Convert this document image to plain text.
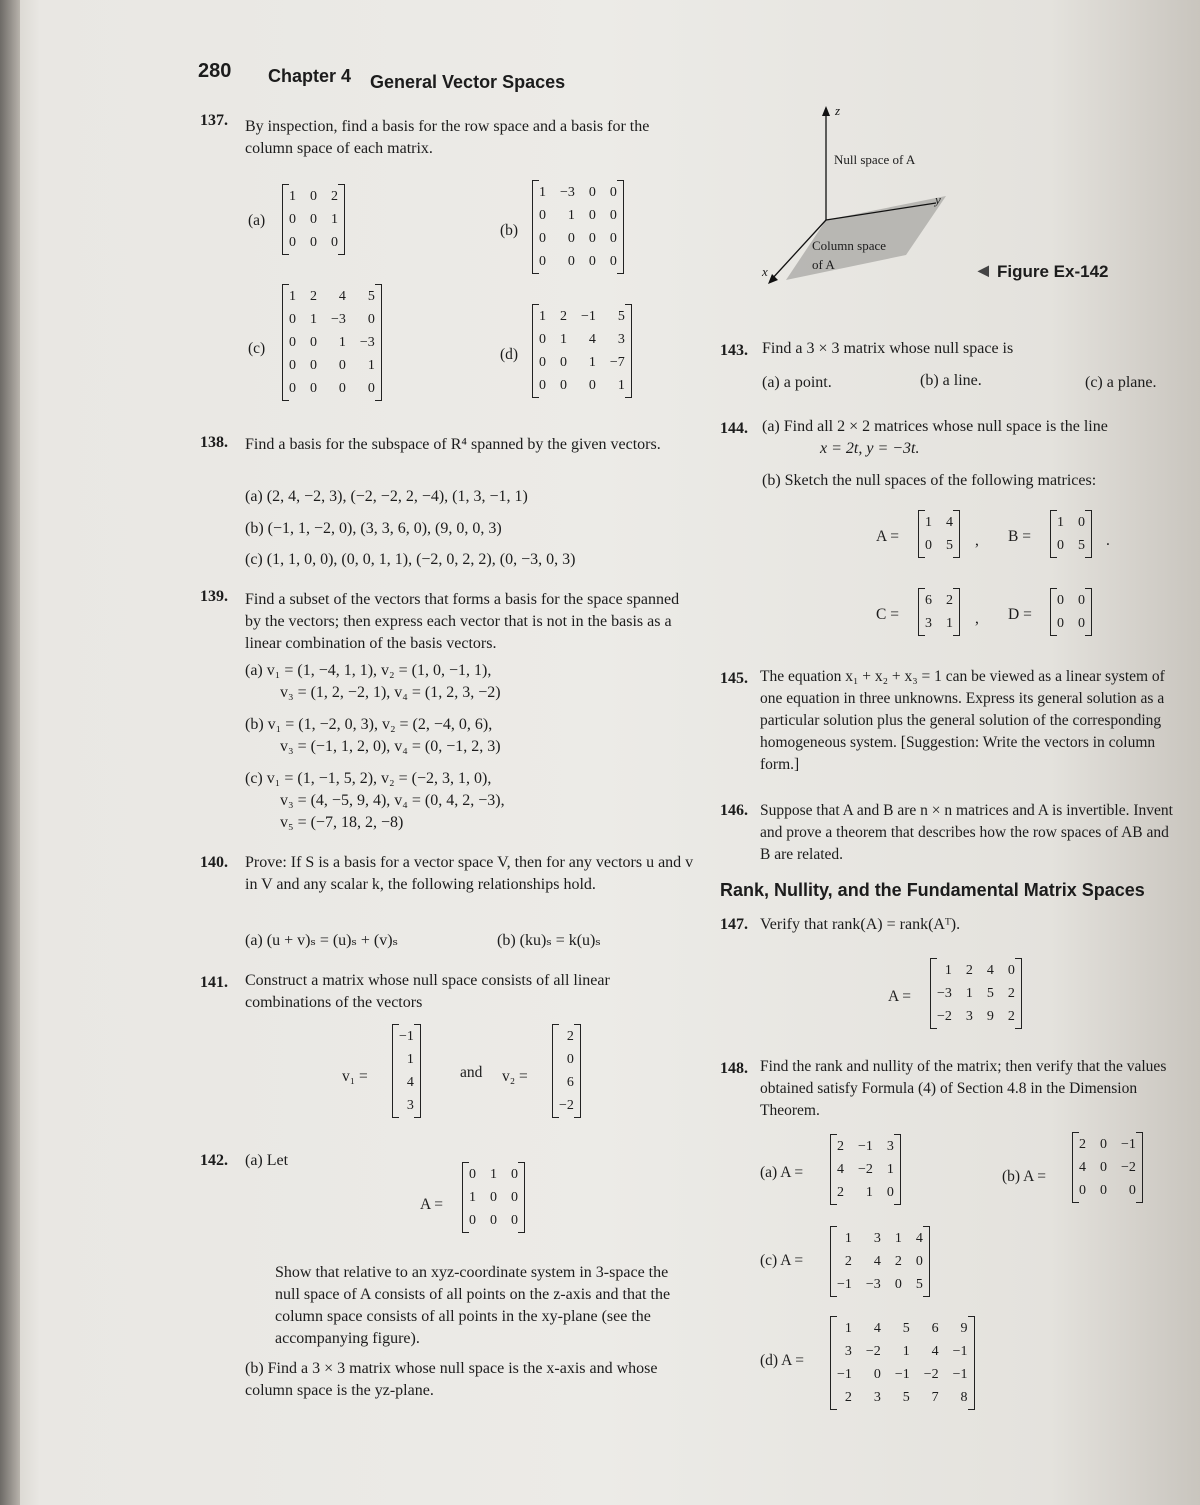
280 Chapter 4 General Vector Spaces
137. By inspection, find a basis for the row space and a basis for the column space of each matrix.
(a)
1 0 2
0 0 1
0 0 0
(b)
1 −3 0 0
0	1 0 0
0	0 0 0
0	0 0 0
(c)
1 2	4	5
0 1 −3	0
0 0	1 −3
0 0	0	1
0 0	0	0
(d)
1 2 −1	5
0 1	4	3
0 0	1 −7
0 0	0	1
138. Find a basis for the subspace of R⁴ spanned by the given vectors.
(a) (2, 4, −2, 3), (−2, −2, 2, −4), (1, 3, −1, 1)
(b) (−1, 1, −2, 0), (3, 3, 6, 0), (9, 0, 0, 3)
(c) (1, 1, 0, 0), (0, 0, 1, 1), (−2, 0, 2, 2), (0, −3, 0, 3)
139. Find a subset of the vectors that forms a basis for the space spanned by the vectors; then express each vector that is not in the basis as a linear combination of the basis vectors.
(a) v₁ = (1, −4, 1, 1), v₂ = (1, 0, −1, 1),
v₃ = (1, 2, −2, 1), v₄ = (1, 2, 3, −2)
(b) v₁ = (1, −2, 0, 3), v₂ = (2, −4, 0, 6),
v₃ = (−1, 1, 2, 0), v₄ = (0, −1, 2, 3)
(c) v₁ = (1, −1, 5, 2), v₂ = (−2, 3, 1, 0),
v₃ = (4, −5, 9, 4), v₄ = (0, 4, 2, −3),
v₅ = (−7, 18, 2, −8)
140. Prove: If S is a basis for a vector space V, then for any vectors u and v in V and any scalar k, the following relationships hold.
(a) (u + v)ₛ = (u)ₛ + (v)ₛ	(b) (ku)ₛ = k(u)ₛ
141. Construct a matrix whose null space consists of all linear combinations of the vectors
v₁ =
−1
1
4
3
and v₂ =
2
0
6
−2
142. (a) Let
A =
0 1 0
1 0 0
0 0 0
Show that relative to an xyz-coordinate system in 3-space the null space of A consists of all points on the z-axis and that the column space consists of all points in the xy-plane (see the accompanying figure).
(b) Find a 3 × 3 matrix whose null space is the x-axis and whose column space is the yz-plane.
z
y
x
Null space of A
Column space
of A	◀ Figure Ex-142
143. Find a 3 × 3 matrix whose null space is
(a) a point.	(b) a line.	(c) a plane.
144. (a) Find all 2 × 2 matrices whose null space is the line
x = 2t, y = −3t.
(b) Sketch the null spaces of the following matrices:
A =
1 4
0 5 , B =
1 0
0 5 .
C =
6 2
3 1 , D =
0 0
0 0
145. The equation x₁ + x₂ + x₃ = 1 can be viewed as a linear system of one equation in three unknowns. Express its general solution as a particular solution plus the general solution of the corresponding homogeneous system. [Suggestion: Write the vectors in column form.]
146. Suppose that A and B are n × n matrices and A is invertible. Invent and prove a theorem that describes how the row spaces of AB and B are related.
Rank, Nullity, and the Fundamental Matrix Spaces
147. Verify that rank(A) = rank(Aᵀ).
A =
1 2 4 0
−3 1 5 2
−2 3 9 2
148. Find the rank and nullity of the matrix; then verify that the values obtained satisfy Formula (4) of Section 4.8 in the Dimension Theorem.
(a) A =
2 −1 3
4 −2 1
2	1 0
(b) A =
2 0 −1
4 0 −2
0 0	0
(c) A =
1	3 1 4
2	4 2 0
−1 −3 0 5
(d) A =
1	4	5	6	9
3 −2	1	4 −1
−1	0 −1 −2 −1
2	3	5	7	8
